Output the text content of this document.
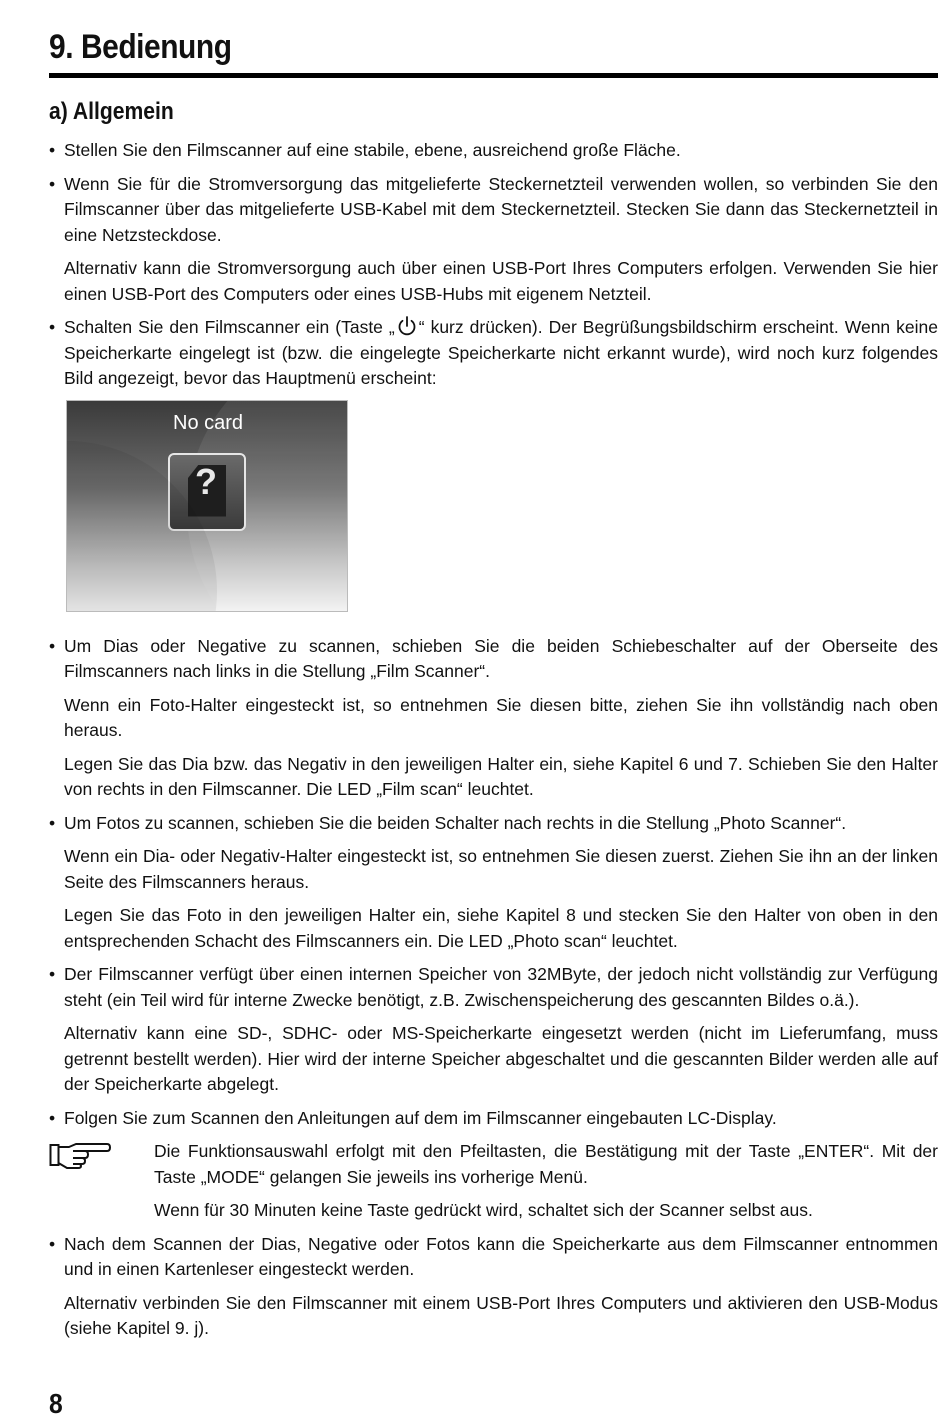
9. Bedienung
a) Allgemein

• Stellen Sie den Filmscanner auf eine stabile, ebene, ausreichend große Fläche.

• Wenn Sie für die Stromversorgung das mitgelieferte Steckernetzteil verwenden wollen, so verbinden Sie den Filmscanner über das mitgelieferte USB-Kabel mit dem Steckernetzteil. Stecken Sie dann das Steckernetzteil in eine Netzsteckdose.

Alternativ kann die Stromversorgung auch über einen USB-Port Ihres Computers erfolgen. Verwenden Sie hier einen USB-Port des Computers oder eines USB-Hubs mit eigenem Netzteil.

• Schalten Sie den Filmscanner ein (Taste „ “ kurz drücken). Der Begrüßungsbildschirm erscheint. Wenn keine Speicherkarte eingelegt ist (bzw. die eingelegte Speicherkarte nicht erkannt wurde), wird noch kurz folgendes Bild angezeigt, bevor das Hauptmenü erscheint:

No card
?

• Um Dias oder Negative zu scannen, schieben Sie die beiden Schiebeschalter auf der Oberseite des Filmscanners nach links in die Stellung „Film Scanner“.

Wenn ein Foto-Halter eingesteckt ist, so entnehmen Sie diesen bitte, ziehen Sie ihn vollständig nach oben heraus.

Legen Sie das Dia bzw. das Negativ in den jeweiligen Halter ein, siehe Kapitel 6 und 7. Schieben Sie den Halter von rechts in den Filmscanner. Die LED „Film scan“ leuchtet.

• Um Fotos zu scannen, schieben Sie die beiden Schalter nach rechts in die Stellung „Photo Scanner“.

Wenn ein Dia- oder Negativ-Halter eingesteckt ist, so entnehmen Sie diesen zuerst. Ziehen Sie ihn an der linken Seite des Filmscanners heraus.

Legen Sie das Foto in den jeweiligen Halter ein, siehe Kapitel 8 und stecken Sie den Halter von oben in den entsprechenden Schacht des Filmscanners ein. Die LED „Photo scan“ leuchtet.

• Der Filmscanner verfügt über einen internen Speicher von 32MByte, der jedoch nicht vollständig zur Verfügung steht (ein Teil wird für interne Zwecke benötigt, z.B. Zwischenspeicherung des gescannten Bildes o.ä.).

Alternativ kann eine SD-, SDHC- oder MS-Speicherkarte eingesetzt werden (nicht im Lieferumfang, muss getrennt bestellt werden). Hier wird der interne Speicher abgeschaltet und die gescannten Bilder werden alle auf der Speicherkarte abgelegt.

• Folgen Sie zum Scannen den Anleitungen auf dem im Filmscanner eingebauten LC-Display.

Die Funktionsauswahl erfolgt mit den Pfeiltasten, die Bestätigung mit der Taste „ENTER“. Mit der Taste „MODE“ gelangen Sie jeweils ins vorherige Menü.

Wenn für 30 Minuten keine Taste gedrückt wird, schaltet sich der Scanner selbst aus.

• Nach dem Scannen der Dias, Negative oder Fotos kann die Speicherkarte aus dem Filmscanner entnommen und in einen Kartenleser eingesteckt werden.

Alternativ verbinden Sie den Filmscanner mit einem USB-Port Ihres Computers und aktivieren den USB-Modus (siehe Kapitel 9. j).

8
